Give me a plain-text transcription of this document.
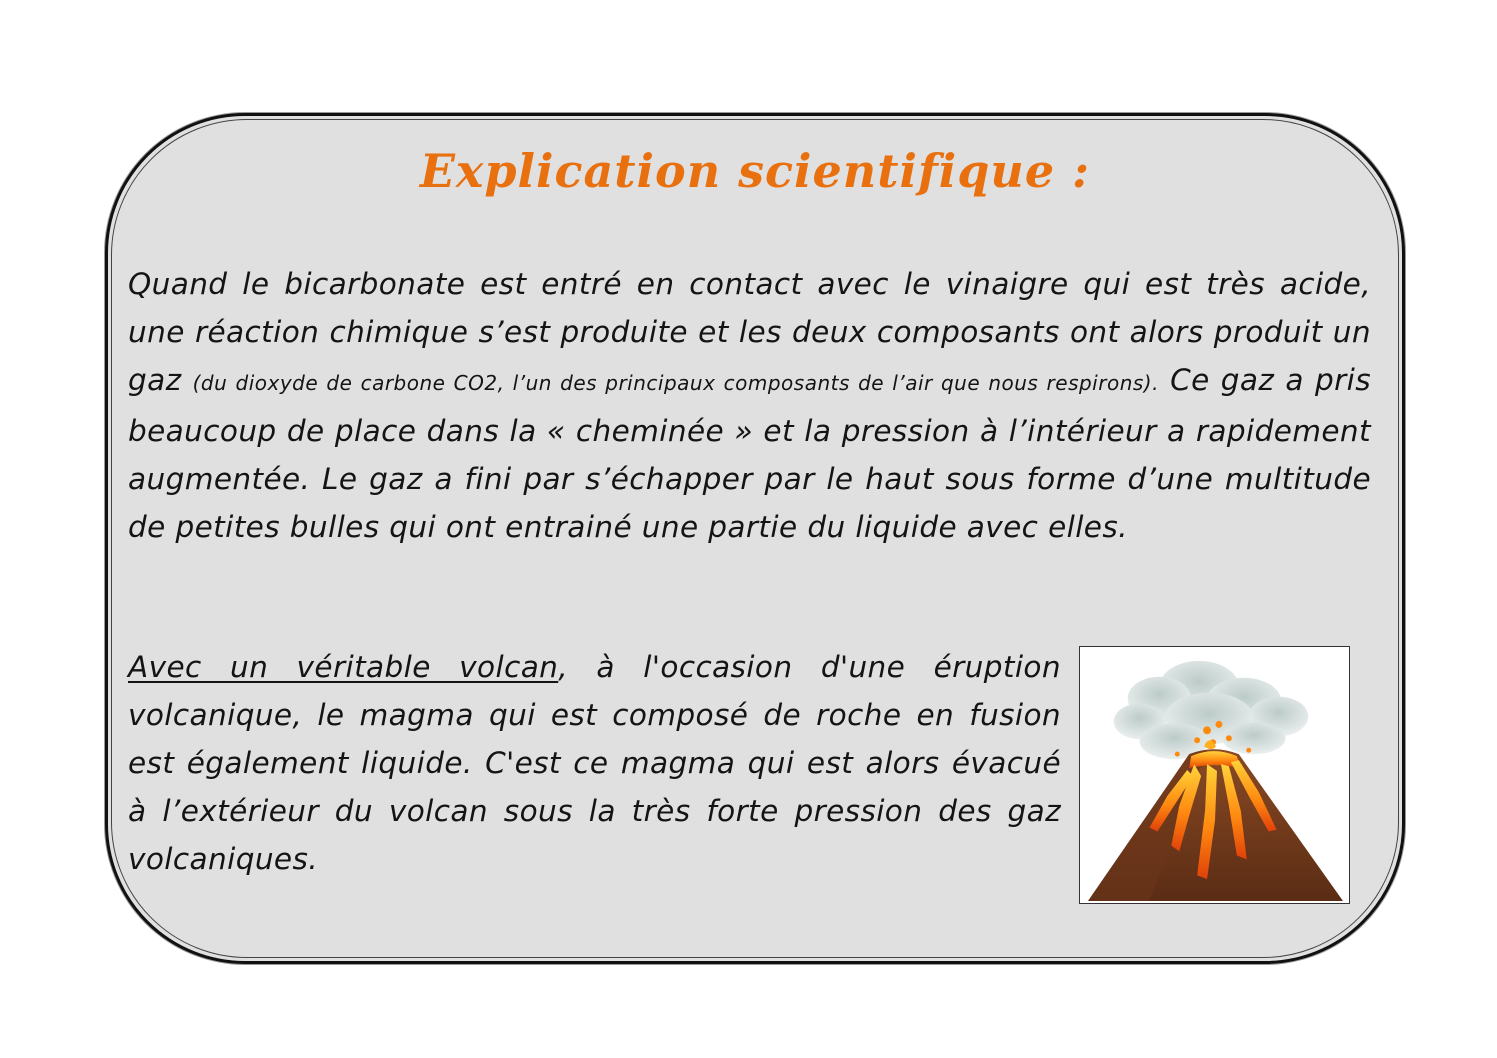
Explication scientifique :

Quand le bicarbonate est entré en contact avec le vinaigre qui est très acide, une réaction chimique s’est produite et les deux composants ont alors produit un gaz (du dioxyde de carbone CO2, l’un des principaux composants de l’air que nous respirons). Ce gaz a pris beaucoup de place dans la « cheminée » et la pression à l’intérieur a rapidement augmentée. Le gaz a fini par s’échapper par le haut sous forme d’une multitude de petites bulles qui ont entrainé une partie du liquide avec elles.

Avec un véritable volcan, à l'occasion d'une éruption volcanique, le magma qui est composé de roche en fusion est également liquide. C'est ce magma qui est alors évacué à l’extérieur du volcan sous la très forte pression des gaz volcaniques.
